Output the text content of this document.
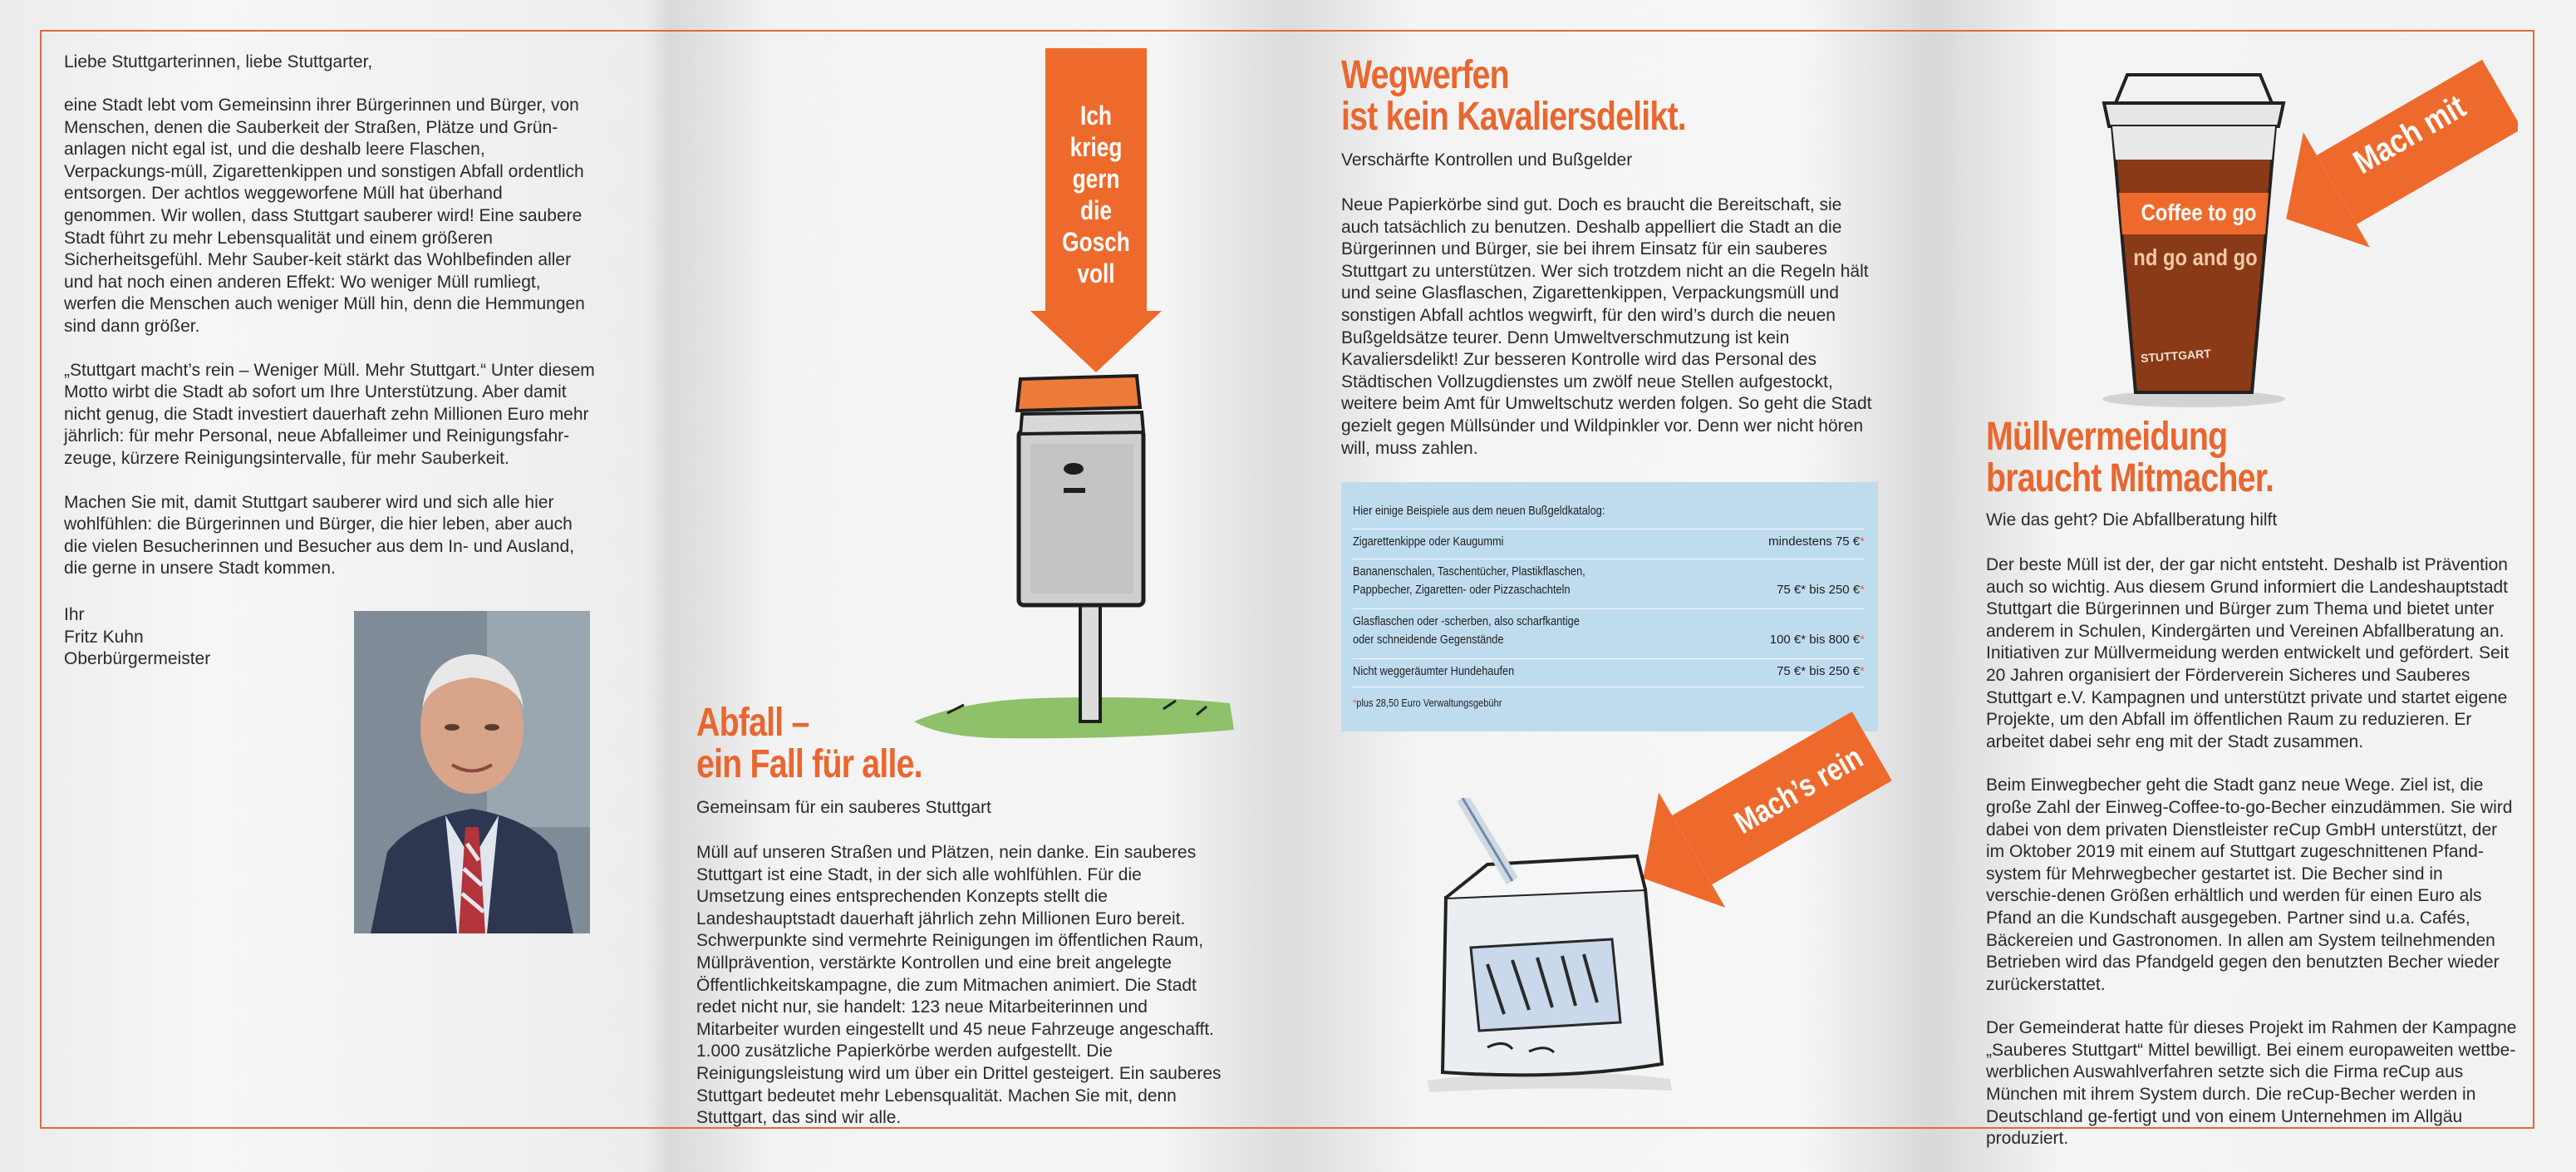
Liebe Stuttgarterinnen, liebe Stuttgarter,

eine Stadt lebt vom Gemeinsinn ihrer Bürgerinnen und Bürger, von Menschen, denen die Sauberkeit der Straßen, Plätze und Grün-anlagen nicht egal ist, und die deshalb leere Flaschen, Verpackungs-müll, Zigarettenkippen und sonstigen Abfall ordentlich entsorgen. Der achtlos weggeworfene Müll hat überhand genommen. Wir wollen, dass Stuttgart sauberer wird! Eine saubere Stadt führt zu mehr Lebensqualität und einem größeren Sicherheitsgefühl. Mehr Sauber-keit stärkt das Wohlbefinden aller und hat noch einen anderen Effekt: Wo weniger Müll rumliegt, werfen die Menschen auch weniger Müll hin, denn die Hemmungen sind dann größer.

„Stuttgart macht’s rein – Weniger Müll. Mehr Stuttgart.“ Unter diesem Motto wirbt die Stadt ab sofort um Ihre Unterstützung. Aber damit nicht genug, die Stadt investiert dauerhaft zehn Millionen Euro mehr jährlich: für mehr Personal, neue Abfalleimer und Reinigungsfahr-zeuge, kürzere Reinigungsintervalle, für mehr Sauberkeit.

Machen Sie mit, damit Stuttgart sauberer wird und sich alle hier wohlfühlen: die Bürgerinnen und Bürger, die hier leben, aber auch die vielen Besucherinnen und Besucher aus dem In- und Ausland, die gerne in unsere Stadt kommen.

Ihr
Fritz Kuhn
Oberbürgermeister
Ich krieg gern die Gosch voll
Abfall –
ein Fall für alle.
Gemeinsam für ein sauberes Stuttgart
Müll auf unseren Straßen und Plätzen, nein danke. Ein sauberes Stuttgart ist eine Stadt, in der sich alle wohlfühlen. Für die Umsetzung eines entsprechenden Konzepts stellt die Landeshauptstadt dauerhaft jährlich zehn Millionen Euro bereit. Schwerpunkte sind vermehrte Reinigungen im öffentlichen Raum, Müllprävention, verstärkte Kontrollen und eine breit angelegte Öffentlichkeitskampagne, die zum Mitmachen animiert. Die Stadt redet nicht nur, sie handelt: 123 neue Mitarbeiterinnen und Mitarbeiter wurden eingestellt und 45 neue Fahrzeuge angeschafft. 1.000 zusätzliche Papierkörbe werden aufgestellt. Die Reinigungsleistung wird um über ein Drittel gesteigert. Ein sauberes Stuttgart bedeutet mehr Lebensqualität. Machen Sie mit, denn Stuttgart, das sind wir alle.
Wegwerfen
ist kein Kavaliersdelikt.
Verschärfte Kontrollen und Bußgelder
Neue Papierkörbe sind gut. Doch es braucht die Bereitschaft, sie auch tatsächlich zu benutzen. Deshalb appelliert die Stadt an die Bürgerinnen und Bürger, sie bei ihrem Einsatz für ein sauberes Stuttgart zu unterstützen. Wer sich trotzdem nicht an die Regeln hält und seine Glasflaschen, Zigarettenkippen, Verpackungsmüll und sonstigen Abfall achtlos wegwirft, für den wird’s durch die neuen Bußgeldsätze teurer. Denn Umweltverschmutzung ist kein Kavaliersdelikt! Zur besseren Kontrolle wird das Personal des Städtischen Vollzugdienstes um zwölf neue Stellen aufgestockt, weitere beim Amt für Umweltschutz werden folgen. So geht die Stadt gezielt gegen Müllsünder und Wildpinkler vor. Denn wer nicht hören will, muss zahlen.
Hier einige Beispiele aus dem neuen Bußgeldkatalog:
Zigarettenkippe oder Kaugummi	mindestens 75 €*
Bananenschalen, Taschentücher, Plastikflaschen,
Pappbecher, Zigaretten- oder Pizzaschachteln	75 €* bis 250 €*
Glasflaschen oder -scherben, also scharfkantige
oder schneidende Gegenstände	100 €* bis 800 €*
Nicht weggeräumter Hundehaufen	75 €* bis 250 €*
*plus 28,50 Euro Verwaltungsgebühr
Mach’s rein
Coffee to go
nd go and go
STUTTGART
Mach mit
Müllvermeidung
braucht Mitmacher.
Wie das geht? Die Abfallberatung hilft

Der beste Müll ist der, der gar nicht entsteht. Deshalb ist Prävention auch so wichtig. Aus diesem Grund informiert die Landeshauptstadt Stuttgart die Bürgerinnen und Bürger zum Thema und bietet unter anderem in Schulen, Kindergärten und Vereinen Abfallberatung an. Initiativen zur Müllvermeidung werden entwickelt und gefördert. Seit 20 Jahren organisiert der Förderverein Sicheres und Sauberes Stuttgart e.V. Kampagnen und unterstützt private und startet eigene Projekte, um den Abfall im öffentlichen Raum zu reduzieren. Er arbeitet dabei sehr eng mit der Stadt zusammen.

Beim Einwegbecher geht die Stadt ganz neue Wege. Ziel ist, die große Zahl der Einweg-Coffee-to-go-Becher einzudämmen. Sie wird dabei von dem privaten Dienstleister reCup GmbH unterstützt, der im Oktober 2019 mit einem auf Stuttgart zugeschnittenen Pfand-system für Mehrwegbecher gestartet ist. Die Becher sind in verschie-denen Größen erhältlich und werden für einen Euro als Pfand an die Kundschaft ausgegeben. Partner sind u.a. Cafés, Bäckereien und Gastronomen. In allen am System teilnehmenden Betrieben wird das Pfandgeld gegen den benutzten Becher wieder zurückerstattet.

Der Gemeinderat hatte für dieses Projekt im Rahmen der Kampagne „Sauberes Stuttgart“ Mittel bewilligt. Bei einem europaweiten wettbe-werblichen Auswahlverfahren setzte sich die Firma reCup aus München mit ihrem System durch. Die reCup-Becher werden in Deutschland ge-fertigt und von einem Unternehmen im Allgäu produziert.
